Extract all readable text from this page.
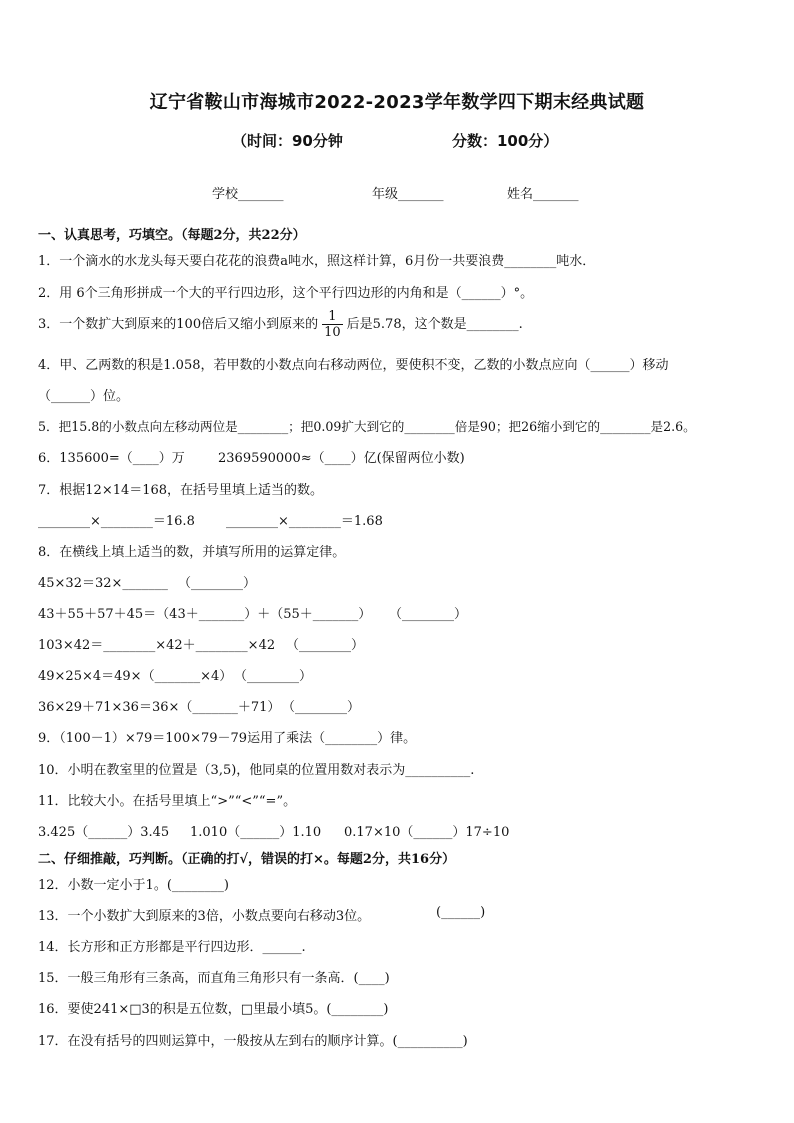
辽宁省鞍山市海城市2022-2023学年数学四下期末经典试题
（时间：90分钟	分数：100分）
学校_______	年级_______	姓名_______
一、认真思考，巧填空。（每题2分，共22分）
1．一个滴水的水龙头每天要白花花的浪费a吨水，照这样计算，6月份一共要浪费________吨水．
2．用 6个三角形拼成一个大的平行四边形，这个平行四边形的内角和是（______）°。
3．一个数扩大到原来的100倍后又缩小到原来的 $\frac{1}{10}$ 后是5.78，这个数是________.
4．甲、乙两数的积是1.058，若甲数的小数点向右移动两位，要使积不变，乙数的小数点应向（______）移动
（______）位。
5．把15.8的小数点向左移动两位是________；把0.09扩大到它的________倍是90；把26缩小到它的________是2.6。
6．135600=（____）万	2369590000≈（____）亿(保留两位小数)
7．根据12×14＝168，在括号里填上适当的数。
________×________＝16.8 ________×________＝1.68
8．在横线上填上适当的数，并填写所用的运算定律。
45×32＝32×_______ （________）
43＋55＋57＋45＝（43＋_______）＋（55＋_______） （________）
103×42＝________×42＋________×42 （________）
49×25×4＝49×（_______×4） （________）
36×29＋71×36＝36×（_______＋71） （________）
9．（100－1）×79＝100×79－79运用了乘法（________）律。
10．小明在教室里的位置是（3,5)，他同桌的位置用数对表示为__________.
11．比较大小。在括号里填上“>”“<”“=”。
3.425（______）3.45 1.010（______）1.10 0.17×10（______）17÷10
二、仔细推敲，巧判断。（正确的打√，错误的打×。每题2分，共16分）
12．小数一定小于1。(________)
13．一个小数扩大到原来的3倍，小数点要向右移动3位。	(______)
14．长方形和正方形都是平行四边形．______.
15．一般三角形有三条高，而直角三角形只有一条高．(____)
16．要使241×□3的积是五位数，□里最小填5。(________)
17．在没有括号的四则运算中，一般按从左到右的顺序计算。(__________)
